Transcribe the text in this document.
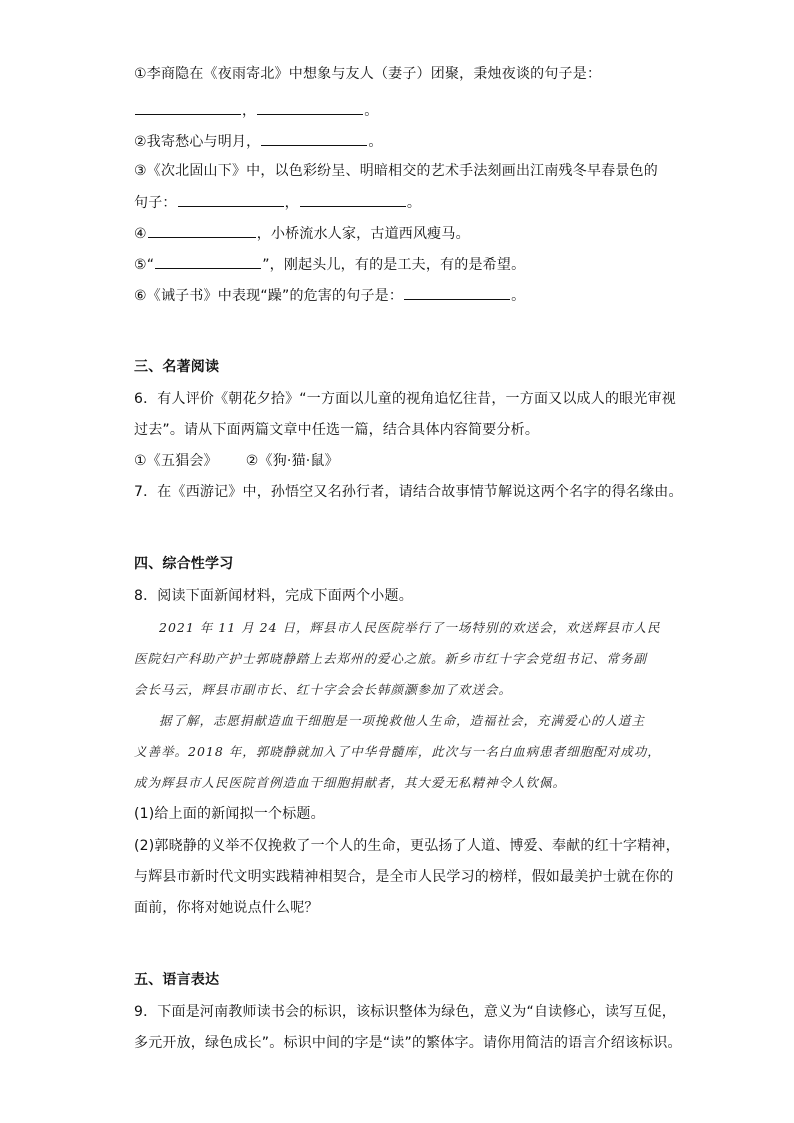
①李商隐在《夜雨寄北》中想象与友人（妻子）团聚，秉烛夜谈的句子是：
，	。
②我寄愁心与明月，	。
③《次北固山下》中，以色彩纷呈、明暗相交的艺术手法刻画出江南残冬早春景色的
句子：	，	。
④	，小桥流水人家，古道西风瘦马。
⑤“	”，刚起头儿，有的是工夫，有的是希望。
⑥《诫子书》中表现“躁”的危害的句子是：	。
三、名著阅读
6．有人评价《朝花夕拾》“一方面以儿童的视角追忆往昔，一方面又以成人的眼光审视
过去”。请从下面两篇文章中任选一篇，结合具体内容简要分析。
①《五猖会》 ②《狗·猫·鼠》
7．在《西游记》中，孙悟空又名孙行者，请结合故事情节解说这两个名字的得名缘由。
四、综合性学习
8．阅读下面新闻材料，完成下面两个小题。
2021 年 11 月 24 日，辉县市人民医院举行了一场特别的欢送会，欢送辉县市人民
医院妇产科助产护士郭晓静踏上去郑州的爱心之旅。新乡市红十字会党组书记、常务副
会长马云，辉县市副市长、红十字会会长韩颜灏参加了欢送会。
据了解，志愿捐献造血干细胞是一项挽救他人生命，造福社会，充满爱心的人道主
义善举。2018 年，郭晓静就加入了中华骨髓库，此次与一名白血病患者细胞配对成功，
成为辉县市人民医院首例造血干细胞捐献者，其大爱无私精神令人钦佩。
(1)给上面的新闻拟一个标题。
(2)郭晓静的义举不仅挽救了一个人的生命，更弘扬了人道、博爱、奉献的红十字精神，
与辉县市新时代文明实践精神相契合，是全市人民学习的榜样，假如最美护士就在你的
面前，你将对她说点什么呢？
五、语言表达
9．下面是河南教师读书会的标识，该标识整体为绿色，意义为“自读修心，读写互促，
多元开放，绿色成长”。标识中间的字是“读”的繁体字。请你用简洁的语言介绍该标识。
